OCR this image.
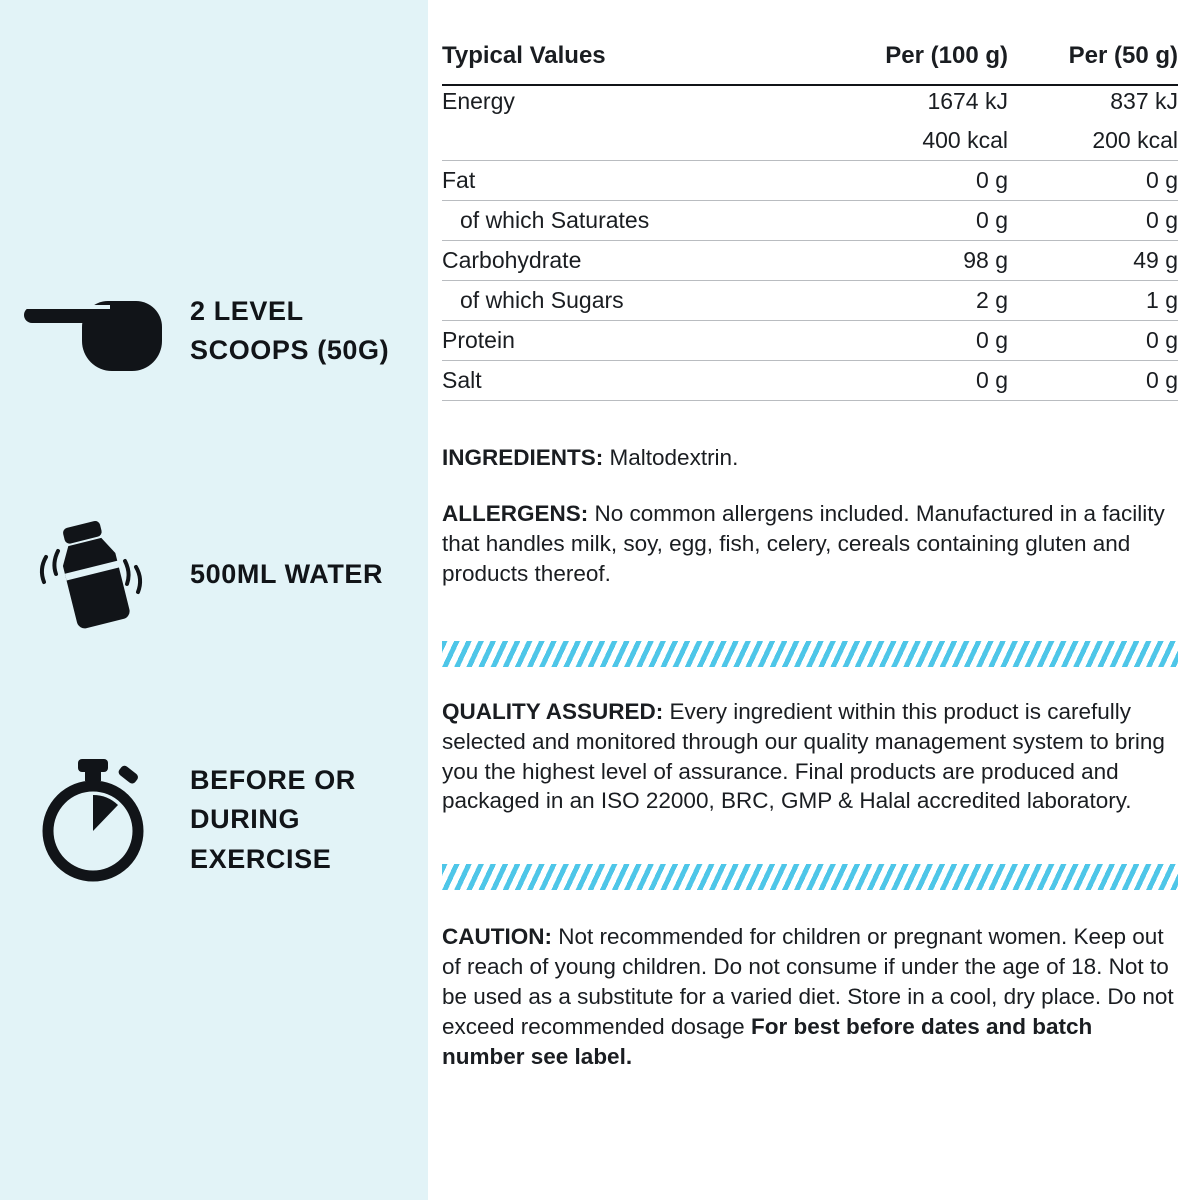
2 LEVEL SCOOPS (50G)
500ML WATER
BEFORE OR DURING EXERCISE
Typical Values	Per (100 g)	Per (50 g)
Energy	1674 kJ	837 kJ
	400 kcal	200 kcal
Fat	0 g	0 g
of which Saturates	0 g	0 g
Carbohydrate	98 g	49 g
of which Sugars	2 g	1 g
Protein	0 g	0 g
Salt	0 g	0 g

INGREDIENTS: Maltodextrin.

ALLERGENS: No common allergens included. Manufactured in a facility that handles milk, soy, egg, fish, celery, cereals containing gluten and products thereof.

QUALITY ASSURED: Every ingredient within this product is carefully selected and monitored through our quality management system to bring you the highest level of assurance. Final products are produced and packaged in an ISO 22000, BRC, GMP & Halal accredited laboratory.

CAUTION: Not recommended for children or pregnant women. Keep out of reach of young children. Do not consume if under the age of 18. Not to be used as a substitute for a varied diet. Store in a cool, dry place. Do not exceed recommended dosage For best before dates and batch number see label.
